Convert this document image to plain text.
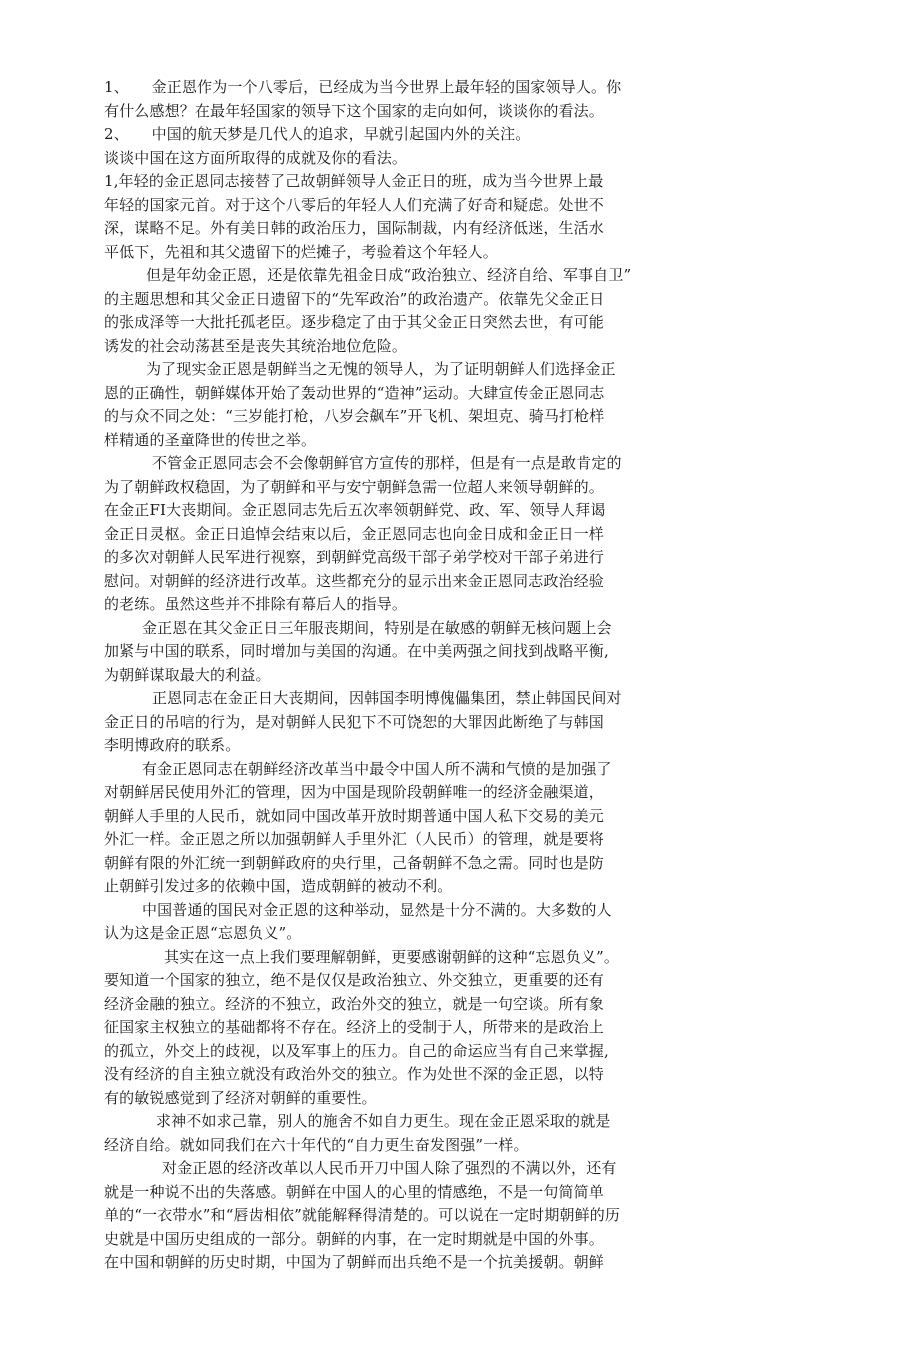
1、　　金正恩作为一个八零后，已经成为当今世界上最年轻的国家领导人。你
有什么感想？在最年轻国家的领导下这个国家的走向如何，谈谈你的看法。
2、　　中国的航天梦是几代人的追求，早就引起国内外的关注。
谈谈中国在这方面所取得的成就及你的看法。
1,年轻的金正恩同志接替了己故朝鲜领导人金正日的班，成为当今世界上最
年轻的国家元首。对于这个八零后的年轻人人们充满了好奇和疑虑。处世不
深，谋略不足。外有美日韩的政治压力，国际制裁，内有经济低迷，生活水
平低下，先祖和其父遗留下的烂摊子，考验着这个年轻人。
但是年幼金正恩，还是依靠先祖金日成“政治独立、经济自给、军事自卫”
的主题思想和其父金正日遗留下的“先军政治”的政治遗产。依靠先父金正日
的张成泽等一大批托孤老臣。逐步稳定了由于其父金正日突然去世，有可能
诱发的社会动荡甚至是丧失其统治地位危险。
为了现实金正恩是朝鲜当之无愧的领导人，为了证明朝鲜人们选择金正
恩的正确性，朝鲜媒体开始了轰动世界的“造神”运动。大肆宣传金正恩同志
的与众不同之处：“三岁能打枪，八岁会飙车”开飞机、架坦克、骑马打枪样
样精通的圣童降世的传世之举。
不管金正恩同志会不会像朝鲜官方宣传的那样，但是有一点是敢肯定的
为了朝鲜政权稳固，为了朝鲜和平与安宁朝鲜急需一位超人来领导朝鲜的。
在金正FI大丧期间。金正恩同志先后五次率领朝鲜党、政、军、领导人拜谒
金正日灵枢。金正日追悼会结束以后，金正恩同志也向金日成和金正日一样
的多次对朝鲜人民军进行视察，到朝鲜党高级干部子弟学校对干部子弟进行
慰问。对朝鲜的经济进行改革。这些都充分的显示出来金正恩同志政治经验
的老练。虽然这些并不排除有幕后人的指导。
金正恩在其父金正日三年服丧期间，特别是在敏感的朝鲜无核问题上会
加紧与中国的联系，同时增加与美国的沟通。在中美两强之间找到战略平衡,
为朝鲜谋取最大的利益。
正恩同志在金正日大丧期间，因韩国李明博傀儡集团，禁止韩国民间对
金正日的吊唁的行为，是对朝鲜人民犯下不可饶恕的大罪因此断绝了与韩国
李明博政府的联系。
有金正恩同志在朝鲜经济改革当中最令中国人所不满和气愤的是加强了
对朝鲜居民使用外汇的管理，因为中国是现阶段朝鲜唯一的经济金融渠道，
朝鲜人手里的人民币，就如同中国改革开放时期普通中国人私下交易的美元
外汇一样。金正恩之所以加强朝鲜人手里外汇（人民币）的管理，就是要将
朝鲜有限的外汇统一到朝鲜政府的央行里，己备朝鲜不急之需。同时也是防
止朝鲜引发过多的依赖中国，造成朝鲜的被动不利。
中国普通的国民对金正恩的这种举动，显然是十分不满的。大多数的人
认为这是金正恩“忘恩负义”。
其实在这一点上我们要理解朝鲜，更要感谢朝鲜的这种“忘恩负义”。
要知道一个国家的独立，绝不是仅仅是政治独立、外交独立，更重要的还有
经济金融的独立。经济的不独立，政治外交的独立，就是一句空谈。所有象
征国家主权独立的基础都将不存在。经济上的受制于人，所带来的是政治上
的孤立，外交上的歧视，以及军事上的压力。自己的命运应当有自己来掌握,
没有经济的自主独立就没有政治外交的独立。作为处世不深的金正恩，以特
有的敏锐感觉到了经济对朝鲜的重要性。
求神不如求己靠，别人的施舍不如自力更生。现在金正恩采取的就是
经济自给。就如同我们在六十年代的“自力更生奋发图强”一样。
对金正恩的经济改革以人民币开刀中国人除了强烈的不满以外，还有
就是一种说不出的失落感。朝鲜在中国人的心里的情感绝，不是一句简简单
单的“一衣带水”和“唇齿相依”就能解释得清楚的。可以说在一定时期朝鲜的历
史就是中国历史组成的一部分。朝鲜的内事，在一定时期就是中国的外事。
在中国和朝鲜的历史时期，中国为了朝鲜而出兵绝不是一个抗美援朝。朝鲜
